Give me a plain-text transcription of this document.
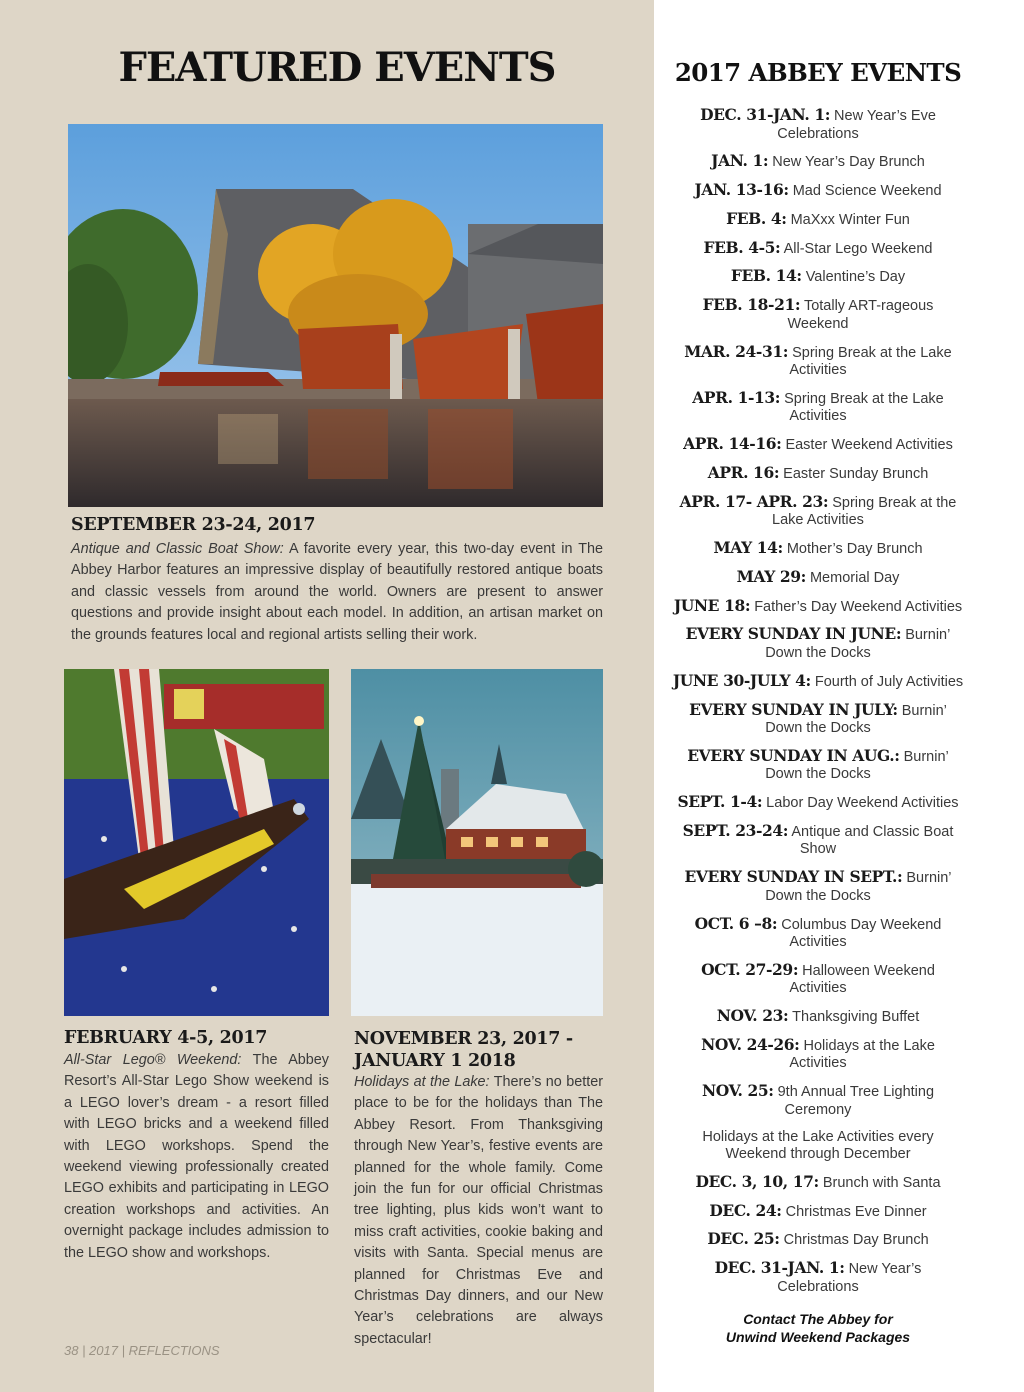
FEATURED EVENTS
SEPTEMBER 23-24, 2017

Antique and Classic Boat Show: A favorite every year, this two-day event in The Abbey Harbor features an impressive display of beautifully restored antique boats and classic vessels from around the world. Owners are present to answer questions and provide insight about each model. In addition, an artisan market on the grounds features local and regional artists selling their work.

FEBRUARY 4-5, 2017

All-Star Lego® Weekend: The Abbey Resort’s All-Star Lego Show weekend is a LEGO lover’s dream - a resort filled with LEGO bricks and a weekend filled with LEGO workshops. Spend the weekend viewing professionally created LEGO exhibits and participating in LEGO creation workshops and activities. An overnight package includes admission to the LEGO show and workshops.

NOVEMBER 23, 2017 - JANUARY 1 2018

Holidays at the Lake: There’s no better place to be for the holidays than The Abbey Resort. From Thanksgiving through New Year’s, festive events are planned for the whole family. Come join the fun for our official Christmas tree lighting, plus kids won’t want to miss craft activities, cookie baking and visits with Santa. Special menus are planned for Christmas Eve and Christmas Day dinners, and our New Year’s celebrations are always spectacular!

38 | 2017 | REFLECTIONS
2017 ABBEY EVENTS
DEC. 31-JAN. 1: New Year’s Eve Celebrations
JAN. 1: New Year’s Day Brunch
JAN. 13-16: Mad Science Weekend
FEB. 4: MaXxx Winter Fun
FEB. 4-5: All-Star Lego Weekend
FEB. 14: Valentine’s Day
FEB. 18-21: Totally ART-rageous Weekend
MAR. 24-31: Spring Break at the Lake Activities
APR. 1-13: Spring Break at the Lake Activities
APR. 14-16: Easter Weekend Activities
APR. 16: Easter Sunday Brunch
APR. 17- APR. 23: Spring Break at the Lake Activities
MAY 14: Mother’s Day Brunch
MAY 29: Memorial Day
JUNE 18: Father’s Day Weekend Activities
EVERY SUNDAY IN JUNE: Burnin’ Down the Docks
JUNE 30-JULY 4: Fourth of July Activities
EVERY SUNDAY IN JULY: Burnin’ Down the Docks
EVERY SUNDAY IN AUG.: Burnin’ Down the Docks
SEPT. 1-4: Labor Day Weekend Activities
SEPT. 23-24: Antique and Classic Boat Show
EVERY SUNDAY IN SEPT.: Burnin’ Down the Docks
OCT. 6 –8: Columbus Day Weekend Activities
OCT. 27-29: Halloween Weekend Activities
NOV. 23: Thanksgiving Buffet
NOV. 24-26: Holidays at the Lake Activities
NOV. 25: 9th Annual Tree Lighting Ceremony
Holidays at the Lake Activities every Weekend through December
DEC. 3, 10, 17: Brunch with Santa
DEC. 24: Christmas Eve Dinner
DEC. 25: Christmas Day Brunch
DEC. 31-JAN. 1: New Year’s Celebrations
Contact The Abbey for
Unwind Weekend Packages
